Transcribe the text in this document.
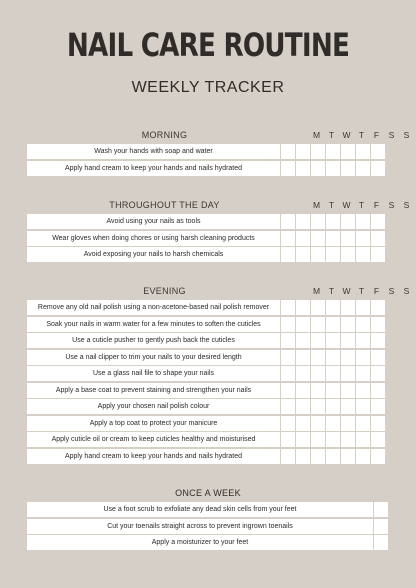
NAIL CARE ROUTINE
WEEKLY TRACKER
MORNING	M	T W T	F	S	S
Wash your hands with soap and water
Apply hand cream to keep your hands and nails hydrated
THROUGHOUT THE DAY	M	T W T	F	S	S
Avoid using your nails as tools
Wear gloves when doing chores or using harsh cleaning products
Avoid exposing your nails to harsh chemicals
EVENING	M	T W T	F	S	S
Remove any old nail polish using a non-acetone-based nail polish remover
Soak your nails in warm water for a few minutes to soften the cuticles
Use a cuticle pusher to gently push back the cuticles
Use a nail clipper to trim your nails to your desired length
Use a glass nail file to shape your nails
Apply a base coat to prevent staining and strengthen your nails
Apply your chosen nail polish colour
Apply a top coat to protect your manicure
Apply cuticle oil or cream to keep cuticles healthy and moisturised
Apply hand cream to keep your hands and nails hydrated
ONCE A WEEK
Use a foot scrub to exfoliate any dead skin cells from your feet
Cut your toenails straight across to prevent ingrown toenails
Apply a moisturizer to your feet
